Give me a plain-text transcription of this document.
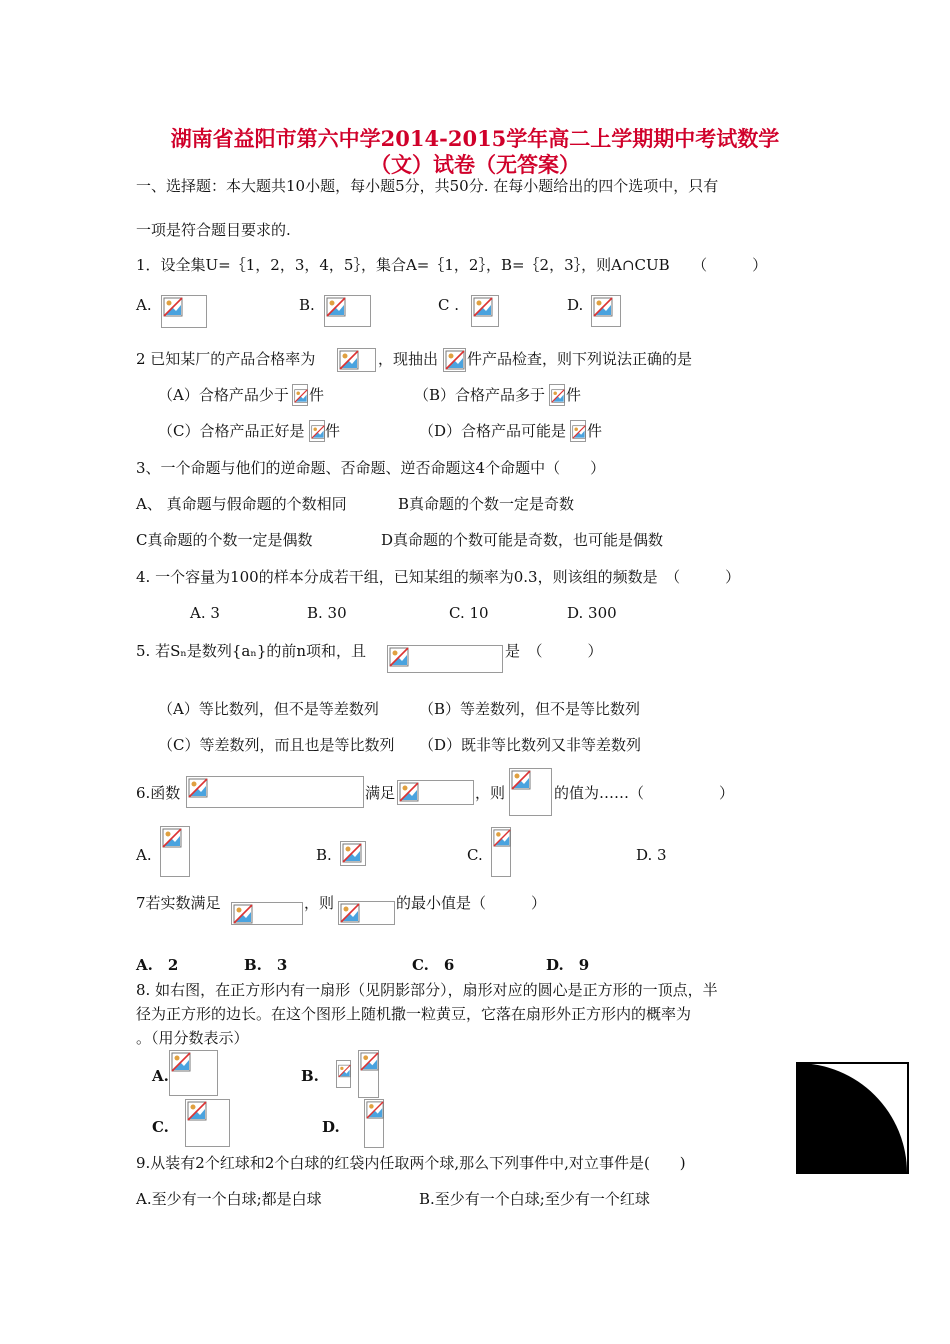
湖南省益阳市第六中学2014-2015学年高二上学期期中考试数学
（文）试卷（无答案）
一、选择题：本大题共10小题，每小题5分，共50分. 在每小题给出的四个选项中，只有
一项是符合题目要求的.
1．设全集U=｛1，2，3，4，5｝，集合A=｛1，2｝，B=｛2，3｝，则A∩CUB　　（　　　）
A.	B.	C .	D.
2 已知某厂的产品合格率为	，现抽出 件产品检查，则下列说法正确的是
（A）合格产品少于 件	（B）合格产品多于 件
（C）合格产品正好是 件	（D）合格产品可能是 件
3、一个命题与他们的逆命题、否命题、逆否命题这4个命题中（　　）
A、 真命题与假命题的个数相同	B真命题的个数一定是奇数
C真命题的个数一定是偶数	D真命题的个数可能是奇数，也可能是偶数
4. 一个容量为100的样本分成若干组，已知某组的频率为0.3，则该组的频数是　（　　　）
A. 3	B. 30	C. 10	D. 300
5. 若Sₙ是数列{aₙ}的前n项和，且	是　（　　　）
（A）等比数列，但不是等差数列	（B）等差数列，但不是等比数列
（C）等差数列，而且也是等比数列 （D）既非等比数列又非等差数列
6.函数	满足	，则	的值为……（　　　　　）
A.	B.	C.	D. 3
7若实数满足	，则	的最小值是（　　　）
A.　2	B.　3	C.　6	D.　9
8. 如右图，在正方形内有一扇形（见阴影部分），扇形对应的圆心是正方形的一顶点，半
径为正方形的边长。在这个图形上随机撒一粒黄豆，它落在扇形外正方形内的概率为
。（用分数表示）
A.	B.
C.	D.
9.从装有2个红球和2个白球的红袋内任取两个球,那么下列事件中,对立事件是(　　)
A.至少有一个白球;都是白球	B.至少有一个白球;至少有一个红球
